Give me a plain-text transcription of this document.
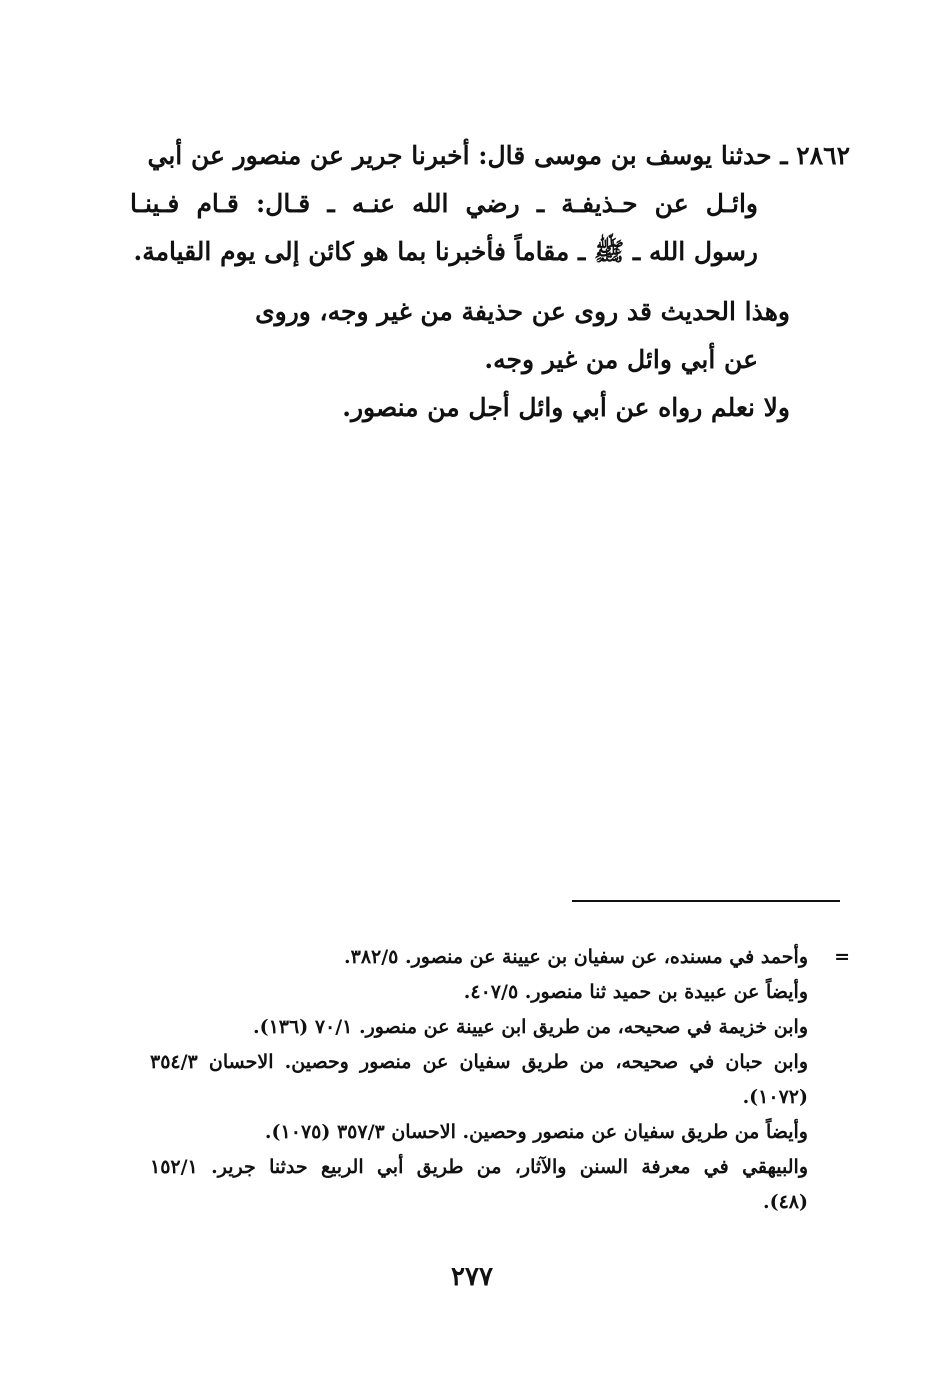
٢٨٦٢ ـ حدثنا يوسف بن موسى قال: أخبرنا جرير عن منصور عن أبي
وائـل عن حـذيفـة ـ رضي الله عنـه ـ قـال: قـام فـينـا
رسول الله ـ ﷺ ـ مقاماً فأخبرنا بما هو كائن إلى يوم القيامة.
وهذا الحديث قد روى عن حذيفة من غير وجه، وروى
عن أبي وائل من غير وجه.
ولا نعلم رواه عن أبي وائل أجل من منصور.
=
وأحمد في مسنده، عن سفيان بن عيينة عن منصور. ٣٨٢/٥.
وأيضاً عن عبيدة بن حميد ثنا منصور. ٤٠٧/٥.
وابن خزيمة في صحيحه، من طريق ابن عيينة عن منصور. ٧٠/١ (١٣٦).
وابن حبان في صحيحه، من طريق سفيان عن منصور وحصين. الاحسان ٣٥٤/٣
(١٠٧٢).
وأيضاً من طريق سفيان عن منصور وحصين. الاحسان ٣٥٧/٣ (١٠٧٥).
والبيهقي في معرفة السنن والآثار، من طريق أبي الربيع حدثنا جرير. ١٥٢/١
(٤٨).
٢٧٧
